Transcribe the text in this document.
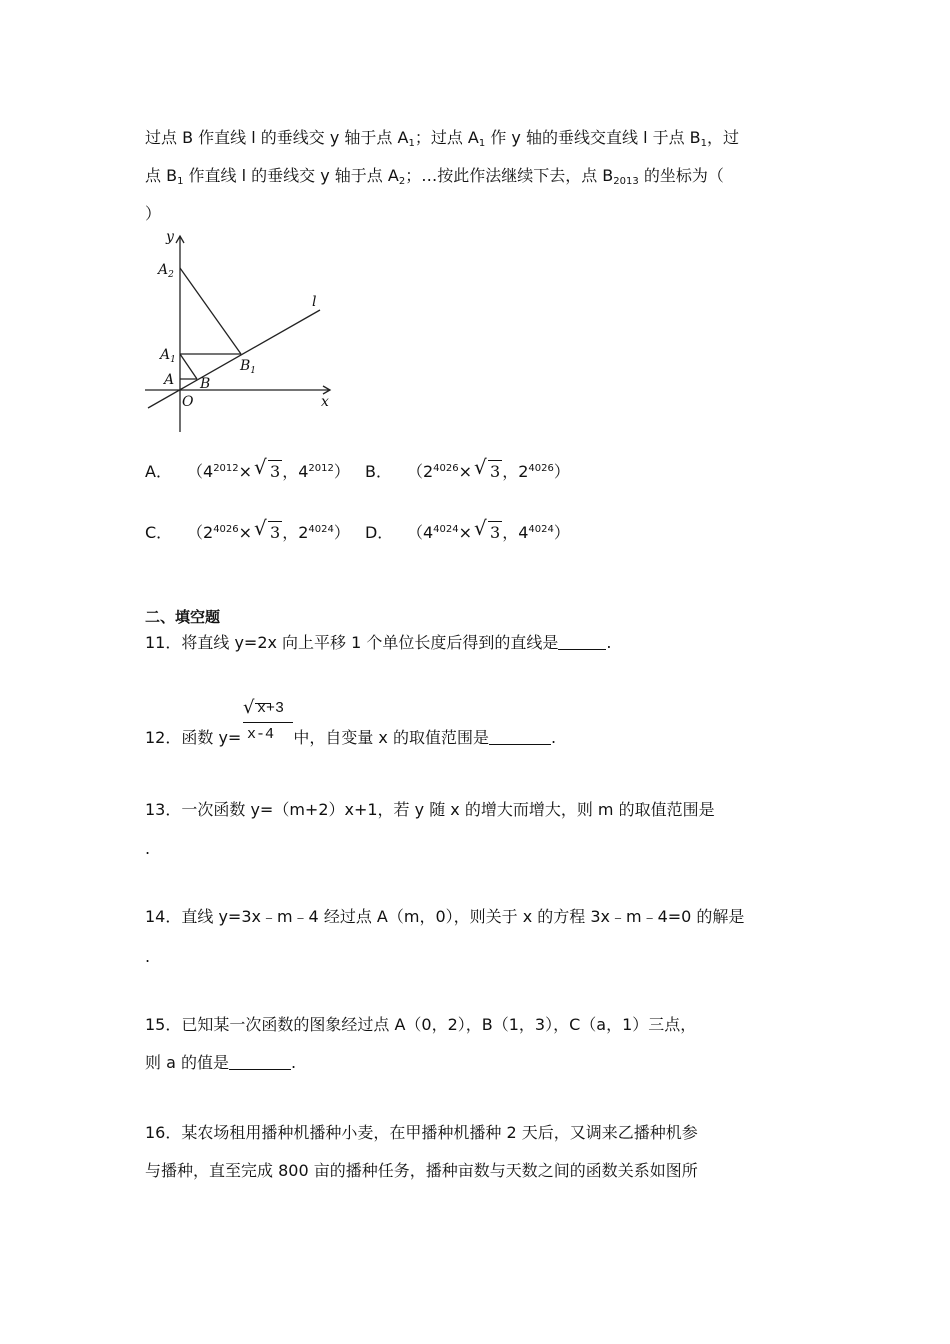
过点 B 作直线 l 的垂线交 y 轴于点 $A_1$；过点 $A_1$ 作 y 轴的垂线交直线 l 于点 $B_1$，过
点 $B_1$ 作直线 l 的垂线交 y 轴于点 $A_2$；…按此作法继续下去，点 $B_{2013}$ 的坐标为（
）
y
x
l
O
A B
$A_1$
$A_2$
$B_1$
A． （$4^{2012}\times√$ 3 ，$4^{2012}$） B． （$2^{4026}\times√$ 3 ，$2^{4026}$）
C． （$2^{4026}\times√$ 3 ，$2^{4024}$） D． （$4^{4024}\times√$ 3 ，$4^{4024}$）
二、填空题
11．将直线 y=2x 向上平移 1 个单位长度后得到的直线是	.
√ x+3
x-4
12．函数 y=	中，自变量 x 的取值范围是	.
13．一次函数 y=（m+2）x+1，若 y 随 x 的增大而增大，则 m 的取值范围是
.
14．直线 y=3x﹣m﹣4 经过点 A（m，0），则关于 x 的方程 3x﹣m﹣4=0 的解是
.
15．已知某一次函数的图象经过点 A（0，2），B（1，3），C（a，1）三点，
则 a 的值是	.
16．某农场租用播种机播种小麦，在甲播种机播种 2 天后，又调来乙播种机参
与播种，直至完成 800 亩的播种任务，播种亩数与天数之间的函数关系如图所
